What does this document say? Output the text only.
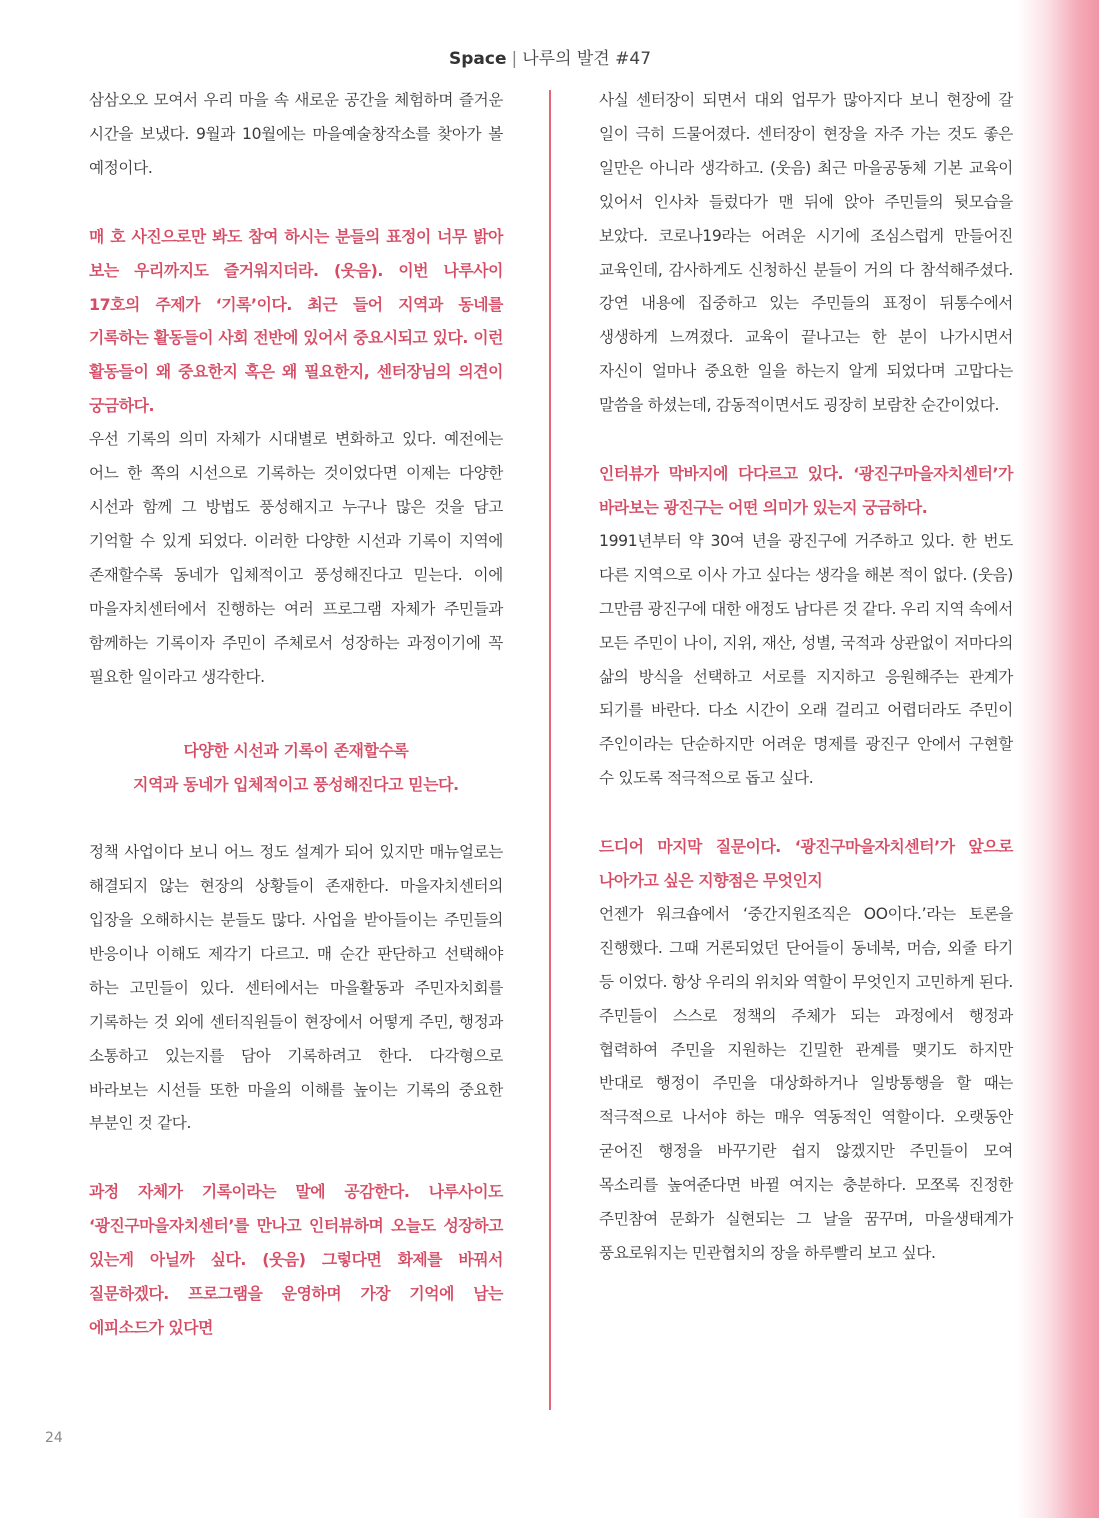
Space | 나루의 발견 #47

삼삼오오 모여서 우리 마을 속 새로운 공간을 체험하며 즐거운 시간을 보냈다. 9월과 10월에는 마을예술창작소를 찾아가 볼 예정이다.

매 호 사진으로만 봐도 참여 하시는 분들의 표정이 너무 밝아 보는 우리까지도 즐거워지더라. (웃음). 이번 나루사이 17호의 주제가 ‘기록’이다. 최근 들어 지역과 동네를 기록하는 활동들이 사회 전반에 있어서 중요시되고 있다. 이런 활동들이 왜 중요한지 혹은 왜 필요한지, 센터장님의 의견이 궁금하다.

우선 기록의 의미 자체가 시대별로 변화하고 있다. 예전에는 어느 한 쪽의 시선으로 기록하는 것이었다면 이제는 다양한 시선과 함께 그 방법도 풍성해지고 누구나 많은 것을 담고 기억할 수 있게 되었다. 이러한 다양한 시선과 기록이 지역에 존재할수록 동네가 입체적이고 풍성해진다고 믿는다. 이에 마을자치센터에서 진행하는 여러 프로그램 자체가 주민들과 함께하는 기록이자 주민이 주체로서 성장하는 과정이기에 꼭 필요한 일이라고 생각한다.

다양한 시선과 기록이 존재할수록
지역과 동네가 입체적이고 풍성해진다고 믿는다.

정책 사업이다 보니 어느 정도 설계가 되어 있지만 매뉴얼로는 해결되지 않는 현장의 상황들이 존재한다. 마을자치센터의 입장을 오해하시는 분들도 많다. 사업을 받아들이는 주민들의 반응이나 이해도 제각기 다르고. 매 순간 판단하고 선택해야 하는 고민들이 있다. 센터에서는 마을활동과 주민자치회를 기록하는 것 외에 센터직원들이 현장에서 어떻게 주민, 행정과 소통하고 있는지를 담아 기록하려고 한다. 다각형으로 바라보는 시선들 또한 마을의 이해를 높이는 기록의 중요한 부분인 것 같다.

과정 자체가 기록이라는 말에 공감한다. 나루사이도 ‘광진구마을자치센터’를 만나고 인터뷰하며 오늘도 성장하고 있는게 아닐까 싶다. (웃음) 그렇다면 화제를 바꿔서 질문하겠다. 프로그램을 운영하며 가장 기억에 남는 에피소드가 있다면

사실 센터장이 되면서 대외 업무가 많아지다 보니 현장에 갈 일이 극히 드물어졌다. 센터장이 현장을 자주 가는 것도 좋은 일만은 아니라 생각하고. (웃음) 최근 마을공동체 기본 교육이 있어서 인사차 들렀다가 맨 뒤에 앉아 주민들의 뒷모습을 보았다. 코로나19라는 어려운 시기에 조심스럽게 만들어진 교육인데, 감사하게도 신청하신 분들이 거의 다 참석해주셨다. 강연 내용에 집중하고 있는 주민들의 표정이 뒤통수에서 생생하게 느껴졌다. 교육이 끝나고는 한 분이 나가시면서 자신이 얼마나 중요한 일을 하는지 알게 되었다며 고맙다는 말씀을 하셨는데, 감동적이면서도 굉장히 보람찬 순간이었다.

인터뷰가 막바지에 다다르고 있다. ‘광진구마을자치센터’가 바라보는 광진구는 어떤 의미가 있는지 궁금하다.

1991년부터 약 30여 년을 광진구에 거주하고 있다. 한 번도 다른 지역으로 이사 가고 싶다는 생각을 해본 적이 없다. (웃음) 그만큼 광진구에 대한 애정도 남다른 것 같다. 우리 지역 속에서 모든 주민이 나이, 지위, 재산, 성별, 국적과 상관없이 저마다의 삶의 방식을 선택하고 서로를 지지하고 응원해주는 관계가 되기를 바란다. 다소 시간이 오래 걸리고 어렵더라도 주민이 주인이라는 단순하지만 어려운 명제를 광진구 안에서 구현할 수 있도록 적극적으로 돕고 싶다.

드디어 마지막 질문이다. ‘광진구마을자치센터’가 앞으로 나아가고 싶은 지향점은 무엇인지

언젠가 워크숍에서 ‘중간지원조직은 OO이다.’라는 토론을 진행했다. 그때 거론되었던 단어들이 동네북, 머슴, 외줄 타기 등 이었다. 항상 우리의 위치와 역할이 무엇인지 고민하게 된다. 주민들이 스스로 정책의 주체가 되는 과정에서 행정과 협력하여 주민을 지원하는 긴밀한 관계를 맺기도 하지만 반대로 행정이 주민을 대상화하거나 일방통행을 할 때는 적극적으로 나서야 하는 매우 역동적인 역할이다. 오랫동안 굳어진 행정을 바꾸기란 쉽지 않겠지만 주민들이 모여 목소리를 높여준다면 바뀔 여지는 충분하다. 모쪼록 진정한 주민참여 문화가 실현되는 그 날을 꿈꾸며, 마을생태계가 풍요로워지는 민관협치의 장을 하루빨리 보고 싶다.

24
